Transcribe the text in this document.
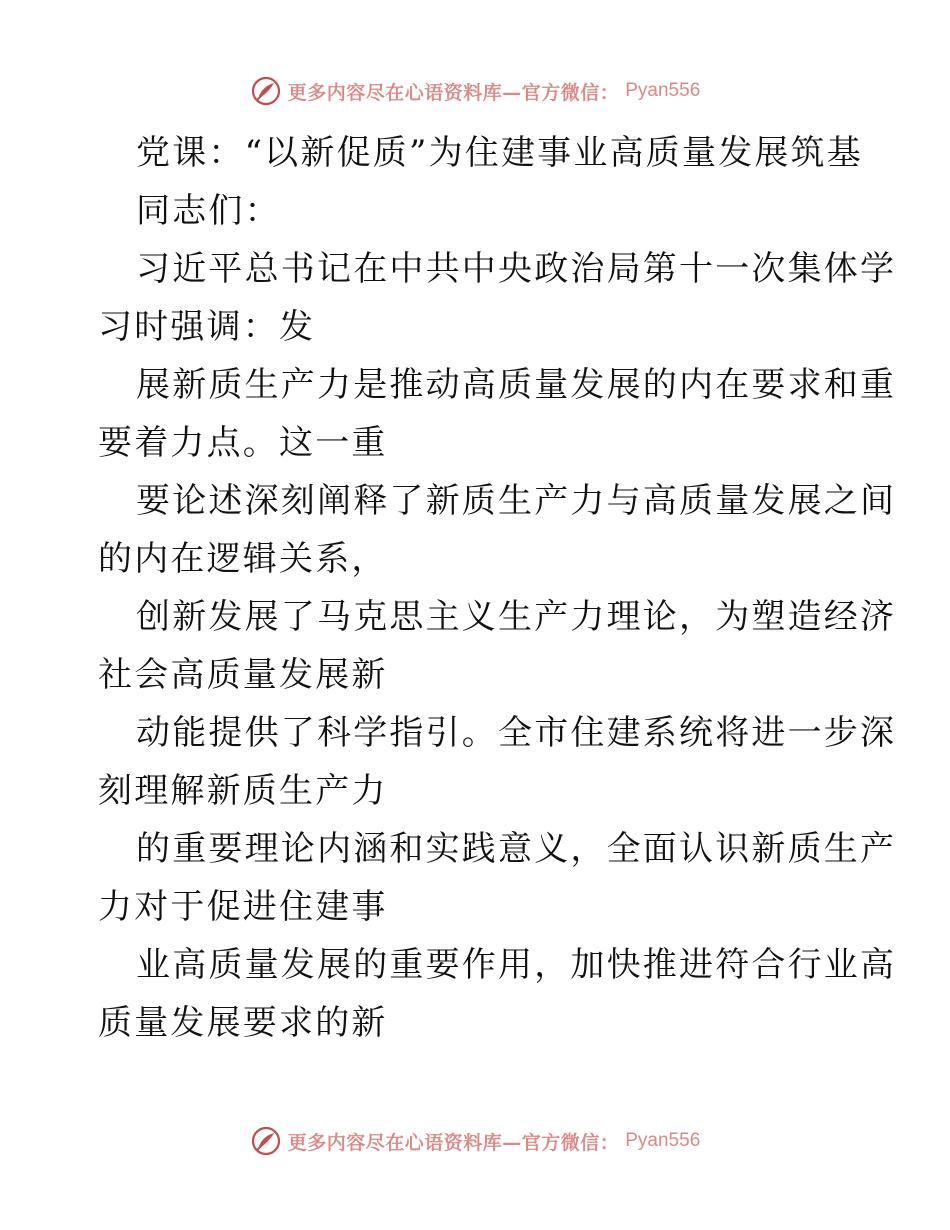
更多内容尽在心语资料库—官方微信： Pyan556
党课：“以新促质”为住建事业高质量发展筑基
同志们：
习近平总书记在中共中央政治局第十一次集体学
习时强调：发
展新质生产力是推动高质量发展的内在要求和重
要着力点。这一重
要论述深刻阐释了新质生产力与高质量发展之间
的内在逻辑关系，
创新发展了马克思主义生产力理论，为塑造经济
社会高质量发展新
动能提供了科学指引。全市住建系统将进一步深
刻理解新质生产力
的重要理论内涵和实践意义，全面认识新质生产
力对于促进住建事
业高质量发展的重要作用，加快推进符合行业高
质量发展要求的新
更多内容尽在心语资料库—官方微信： Pyan556
